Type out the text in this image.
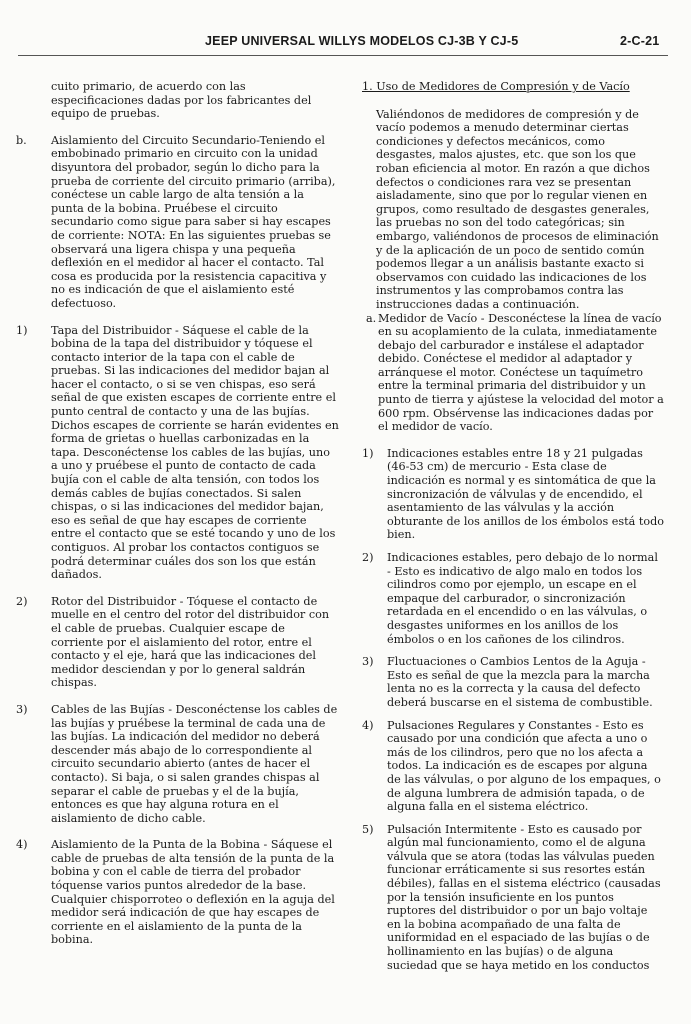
JEEP UNIVERSAL WILLYS MODELOS CJ-3B Y CJ-5	2-C-21
cuito primario, de acuerdo con las especificaciones dadas por los fabricantes del equipo de pruebas.
b.	Aislamiento del Circuito Secundario-Teniendo el embobinado primario en circuito con la unidad disyuntora del probador, según lo dicho para la prueba de corriente del circuito primario (arriba), conéctese un cable largo de alta tensión a la punta de la bobina. Pruébese el circuito secundario como sigue para saber si hay escapes de corriente: NOTA: En las siguientes pruebas se observará una ligera chispa y una pequeña deflexión en el medidor al hacer el contacto. Tal cosa es producida por la resistencia capacitiva y no es indicación de que el aislamiento esté defectuoso.
1)	Tapa del Distribuidor - Sáquese el cable de la bobina de la tapa del distribuidor y tóquese el contacto interior de la tapa con el cable de pruebas. Si las indicaciones del medidor bajan al hacer el contacto, o si se ven chispas, eso será señal de que existen escapes de corriente entre el punto central de contacto y una de las bujías. Dichos escapes de corriente se harán evidentes en forma de grietas o huellas carbonizadas en la tapa. Desconéctense los cables de las bujías, uno a uno y pruébese el punto de contacto de cada bujía con el cable de alta tensión, con todos los demás cables de bujías conectados. Si salen chispas, o si las indicaciones del medidor bajan, eso es señal de que hay escapes de corriente entre el contacto que se esté tocando y uno de los contiguos. Al probar los contactos contiguos se podrá determinar cuáles dos son los que están dañados.
2)	Rotor del Distribuidor - Tóquese el contacto de muelle en el centro del rotor del distribuidor con el cable de pruebas. Cualquier escape de corriente por el aislamiento del rotor, entre el contacto y el eje, hará que las indicaciones del medidor desciendan y por lo general saldrán chispas.
3)	Cables de las Bujías - Desconéctense los cables de las bujías y pruébese la terminal de cada una de las bujías. La indicación del medidor no deberá descender más abajo de lo correspondiente al circuito secundario abierto (antes de hacer el contacto). Si baja, o si salen grandes chispas al separar el cable de pruebas y el de la bujía, entonces es que hay alguna rotura en el aislamiento de dicho cable.
4)	Aislamiento de la Punta de la Bobina - Sáquese el cable de pruebas de alta tensión de la punta de la bobina y con el cable de tierra del probador tóquense varios puntos alrededor de la base. Cualquier chisporroteo o deflexión en la aguja del medidor será indicación de que hay escapes de corriente en el aislamiento de la punta de la bobina.
1. Uso de Medidores de Compresión y de Vacío
Valiéndonos de medidores de compresión y de vacío podemos a menudo determinar ciertas condiciones y defectos mecánicos, como desgastes, malos ajustes, etc. que son los que roban eficiencia al motor. En razón a que dichos defectos o condiciones rara vez se presentan aisladamente, sino que por lo regular vienen en grupos, como resultado de desgastes generales, las pruebas no son del todo categóricas; sin embargo, valiéndonos de procesos de eliminación y de la aplicación de un poco de sentido común podemos llegar a un análisis bastante exacto si observamos con cuidado las indicaciones de los instrumentos y las comprobamos contra las instrucciones dadas a continuación.
a. Medidor de Vacío - Desconéctese la línea de vacío en su acoplamiento de la culata, inmediatamente debajo del carburador e instálese el adaptador debido. Conéctese el medidor al adaptador y arránquese el motor. Conéctese un taquímetro entre la terminal primaria del distribuidor y un punto de tierra y ajústese la velocidad del motor a 600 rpm. Obsérvense las indicaciones dadas por el medidor de vacío.
1)	Indicaciones estables entre 18 y 21 pulgadas (46-53 cm) de mercurio - Esta clase de indicación es normal y es sintomática de que la sincronización de válvulas y de encendido, el asentamiento de las válvulas y la acción obturante de los anillos de los émbolos está todo bien.
2)	Indicaciones estables, pero debajo de lo normal - Esto es indicativo de algo malo en todos los cilindros como por ejemplo, un escape en el empaque del carburador, o sincronización retardada en el encendido o en las válvulas, o desgastes uniformes en los anillos de los émbolos o en los cañones de los cilindros.
3)	Fluctuaciones o Cambios Lentos de la Aguja - Esto es señal de que la mezcla para la marcha lenta no es la correcta y la causa del defecto deberá buscarse en el sistema de combustible.
4)	Pulsaciones Regulares y Constantes - Esto es causado por una condición que afecta a uno o más de los cilindros, pero que no los afecta a todos. La indicación es de escapes por alguna de las válvulas, o por alguno de los empaques, o de alguna lumbrera de admisión tapada, o de alguna falla en el sistema eléctrico.
5)	Pulsación Intermitente - Esto es causado por algún mal funcionamiento, como el de alguna válvula que se atora (todas las válvulas pueden funcionar erráticamente si sus resortes están débiles), fallas en el sistema eléctrico (causadas por la tensión insuficiente en los puntos ruptores del distribuidor o por un bajo voltaje en la bobina acompañado de una falta de uniformidad en el espaciado de las bujías o de hollinamiento en las bujías) o de alguna suciedad que se haya metido en los conductos
